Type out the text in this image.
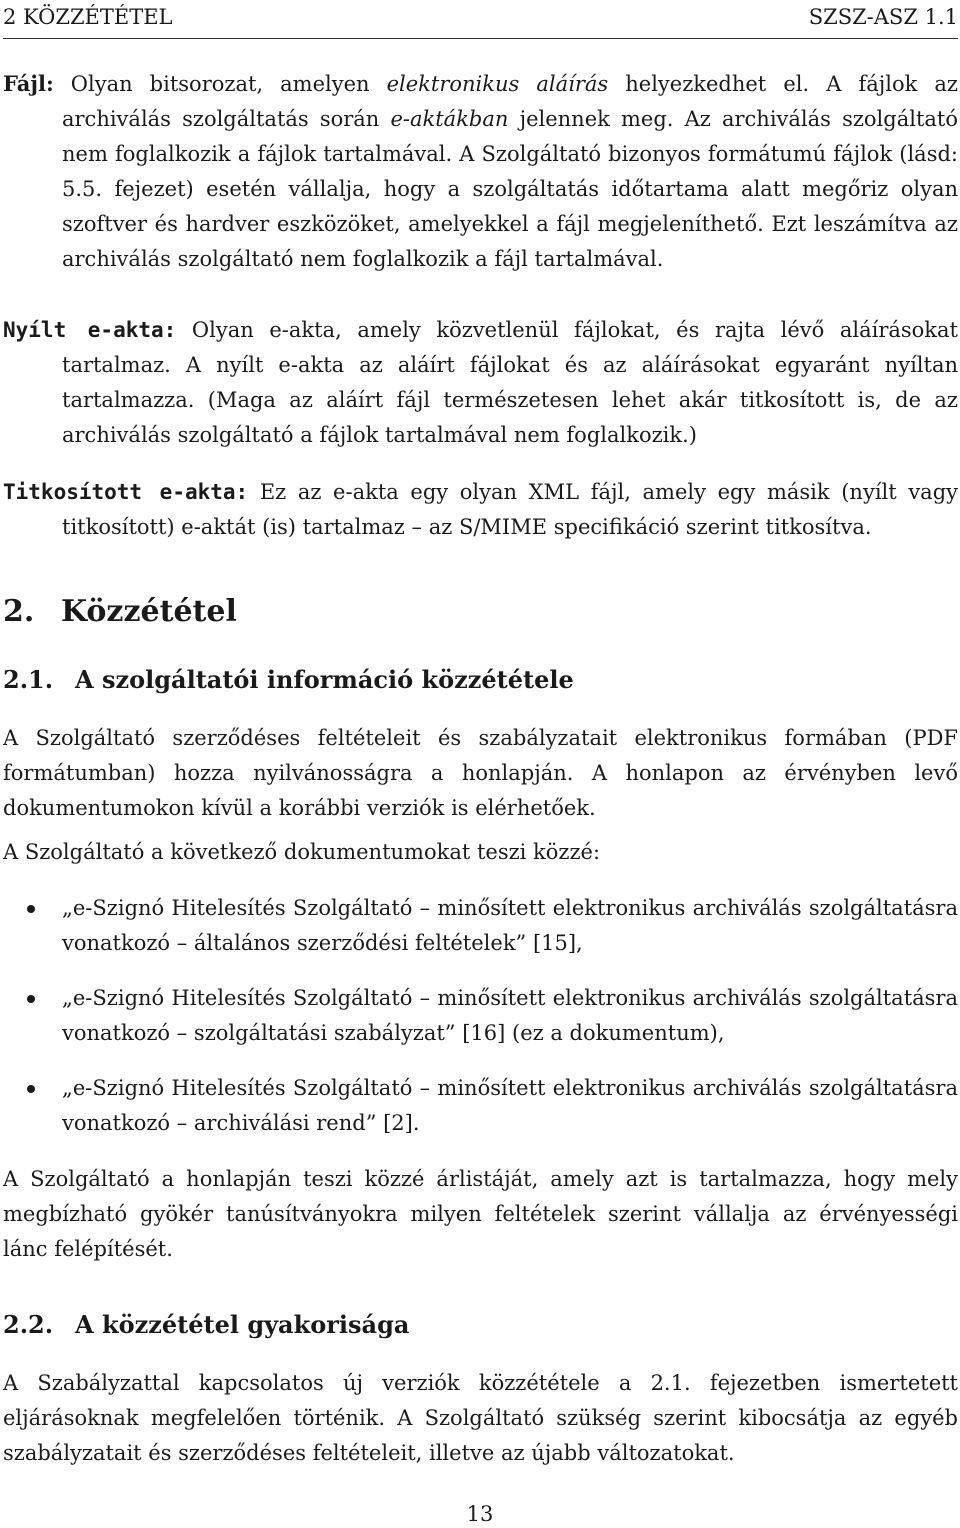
2 KÖZZÉTÉTEL	SZSZ-ASZ 1.1

Fájl: Olyan bitsorozat, amelyen elektronikus aláírás helyezkedhet el. A fájlok az archiválás szolgáltatás során e-aktákban jelennek meg. Az archiválás szolgáltató nem foglalkozik a fájlok tartalmával. A Szolgáltató bizonyos formátumú fájlok (lásd: 5.5. fejezet) esetén vállalja, hogy a szolgáltatás időtartama alatt megőriz olyan szoftver és hardver eszközöket, amelyekkel a fájl megjeleníthető. Ezt leszámítva az archiválás szolgáltató nem foglalkozik a fájl tartalmával.

Nyílt e-akta: Olyan e-akta, amely közvetlenül fájlokat, és rajta lévő aláírásokat tartalmaz. A nyílt e-akta az aláírt fájlokat és az aláírásokat egyaránt nyíltan tartalmazza. (Maga az aláírt fájl természetesen lehet akár titkosított is, de az archiválás szolgáltató a fájlok tartalmával nem foglalkozik.)

Titkosított e-akta: Ez az e-akta egy olyan XML fájl, amely egy másik (nyílt vagy titkosított) e-aktát (is) tartalmaz – az S/MIME specifikáció szerint titkosítva.

2. Közzététel
2.1. A szolgáltatói információ közzététele

A Szolgáltató szerződéses feltételeit és szabályzatait elektronikus formában (PDF formátumban) hozza nyilvánosságra a honlapján. A honlapon az érvényben levő dokumentumokon kívül a korábbi verziók is elérhetőek.

A Szolgáltató a következő dokumentumokat teszi közzé:

„e-Szignó Hitelesítés Szolgáltató – minősített elektronikus archiválás szolgáltatásra vonatkozó – általános szerződési feltételek” [15],
„e-Szignó Hitelesítés Szolgáltató – minősített elektronikus archiválás szolgáltatásra vonatkozó – szolgáltatási szabályzat” [16] (ez a dokumentum),
„e-Szignó Hitelesítés Szolgáltató – minősített elektronikus archiválás szolgáltatásra vonatkozó – archiválási rend” [2].

A Szolgáltató a honlapján teszi közzé árlistáját, amely azt is tartalmazza, hogy mely megbízható gyökér tanúsítványokra milyen feltételek szerint vállalja az érvényességi lánc felépítését.

2.2. A közzététel gyakorisága

A Szabályzattal kapcsolatos új verziók közzététele a 2.1. fejezetben ismertetett eljárásoknak megfelelően történik. A Szolgáltató szükség szerint kibocsátja az egyéb szabályzatait és szerződéses feltételeit, illetve az újabb változatokat.

13
